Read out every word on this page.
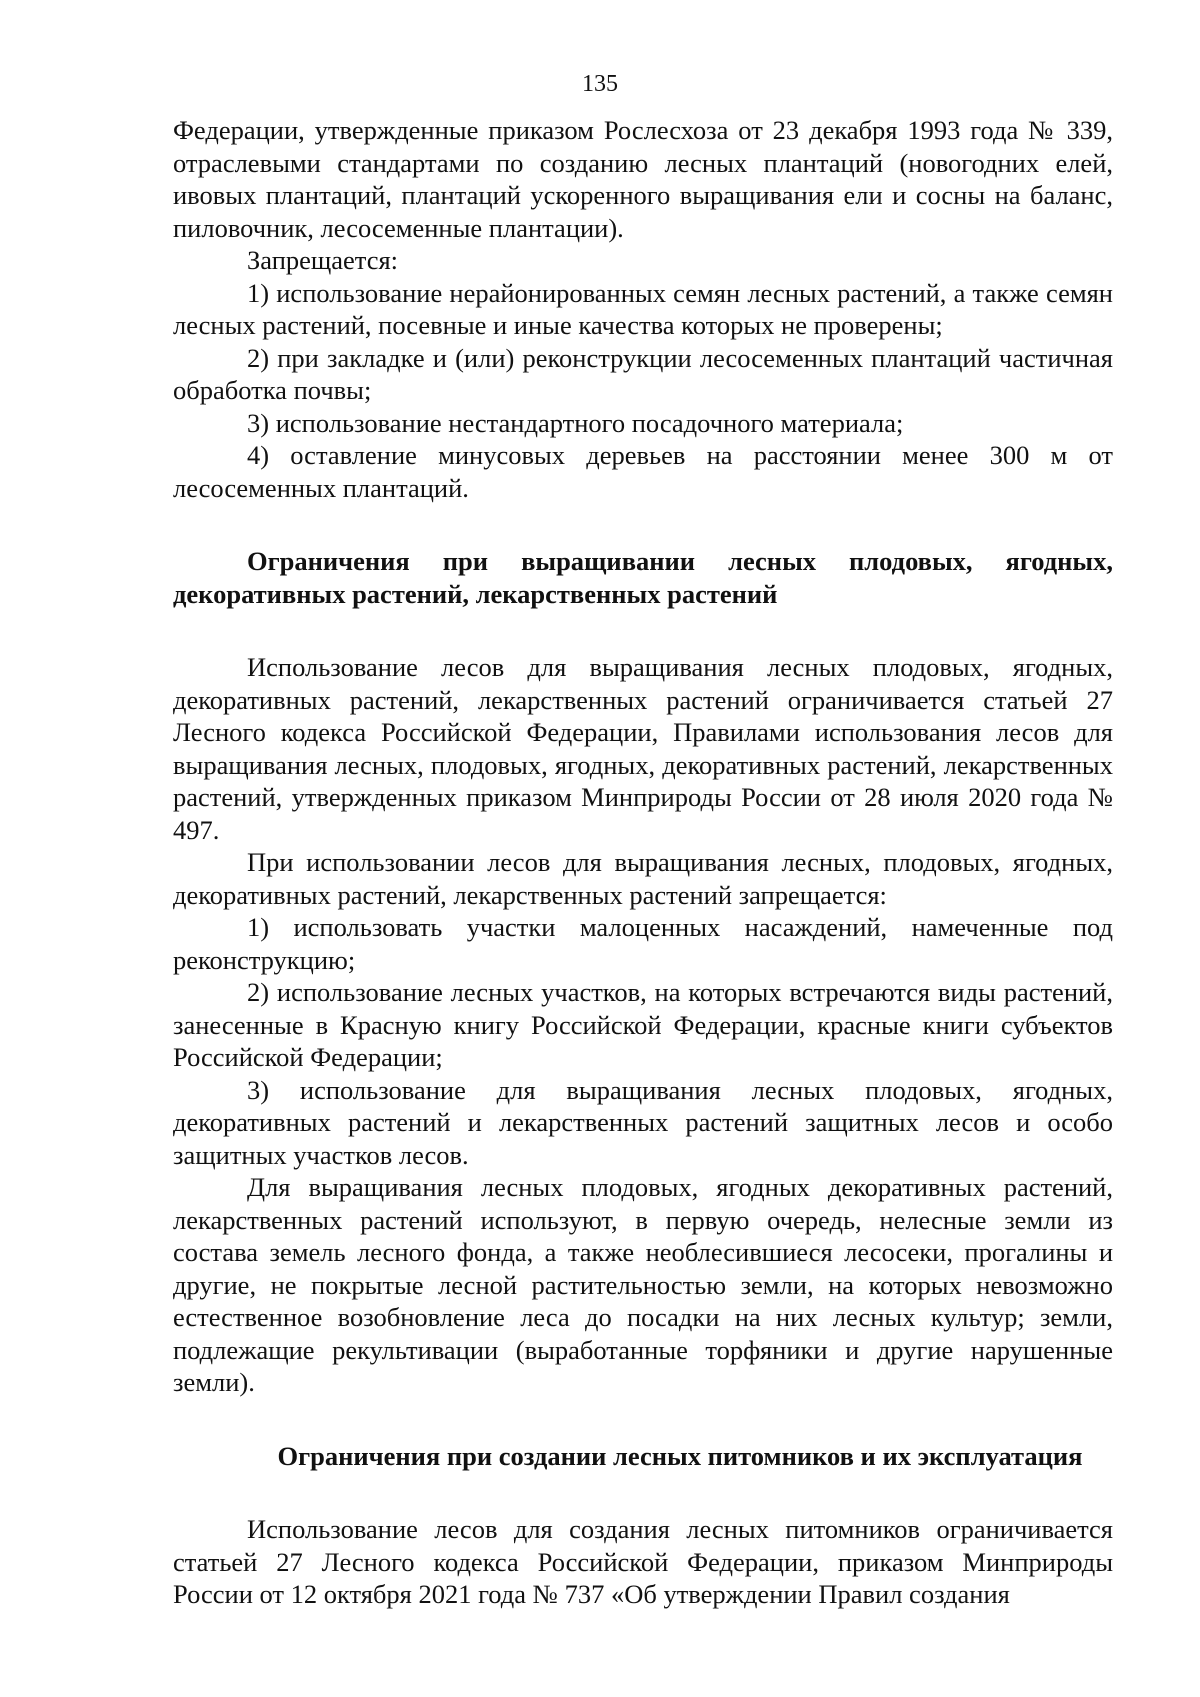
135

Федерации, утвержденные приказом Рослесхоза от 23 декабря 1993 года № 339, отраслевыми стандартами по созданию лесных плантаций (новогодних елей, ивовых плантаций, плантаций ускоренного выращивания ели и сосны на баланс, пиловочник, лесосеменные плантации).

Запрещается:

1) использование нерайонированных семян лесных растений, а также семян лесных растений, посевные и иные качества которых не проверены;

2) при закладке и (или) реконструкции лесосеменных плантаций частичная обработка почвы;

3) использование нестандартного посадочного материала;

4) оставление минусовых деревьев на расстоянии менее 300 м от лесосеменных плантаций.

Ограничения при выращивании лесных плодовых, ягодных, декоративных растений, лекарственных растений

Использование лесов для выращивания лесных плодовых, ягодных, декоративных растений, лекарственных растений ограничивается статьей 27 Лесного кодекса Российской Федерации, Правилами использования лесов для выращивания лесных, плодовых, ягодных, декоративных растений, лекарственных растений, утвержденных приказом Минприроды России от 28 июля 2020 года № 497.

При использовании лесов для выращивания лесных, плодовых, ягодных, декоративных растений, лекарственных растений запрещается:

1) использовать участки малоценных насаждений, намеченные под реконструкцию;

2) использование лесных участков, на которых встречаются виды растений, занесенные в Красную книгу Российской Федерации, красные книги субъектов Российской Федерации;

3) использование для выращивания лесных плодовых, ягодных, декоративных растений и лекарственных растений защитных лесов и особо защитных участков лесов.

Для выращивания лесных плодовых, ягодных декоративных растений, лекарственных растений используют, в первую очередь, нелесные земли из состава земель лесного фонда, а также необлесившиеся лесосеки, прогалины и другие, не покрытые лесной растительностью земли, на которых невозможно естественное возобновление леса до посадки на них лесных культур; земли, подлежащие рекультивации (выработанные торфяники и другие нарушенные земли).

Ограничения при создании лесных питомников и их эксплуатация

Использование лесов для создания лесных питомников ограничивается статьей 27 Лесного кодекса Российской Федерации, приказом Минприроды России от 12 октября 2021 года № 737 «Об утверждении Правил создания
